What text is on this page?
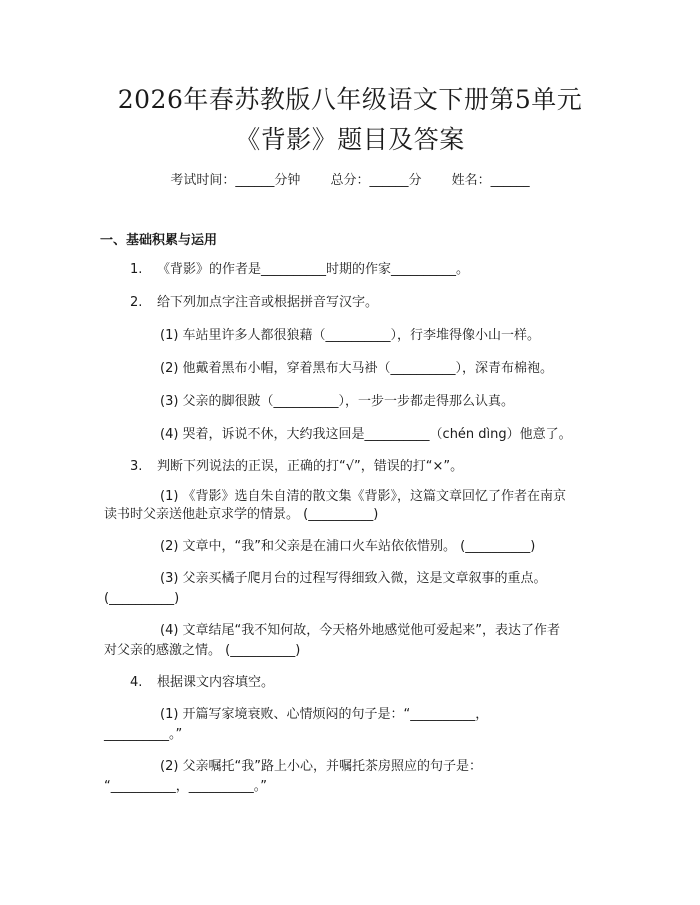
2026年春苏教版八年级语文下册第5单元
《背影》题目及答案
考试时间：______分钟 总分：______分 姓名：______
一、基础积累与运用
1. 《背影》的作者是__________时期的作家__________。
2. 给下列加点字注音或根据拼音写汉字。
(1) 车站里许多人都很狼藉（__________），行李堆得像小山一样。
(2) 他戴着黑布小帽，穿着黑布大马褂（__________），深青布棉袍。
(3) 父亲的脚很跛（__________），一步一步都走得那么认真。
(4) 哭着，诉说不休，大约我这回是__________（chén dìng）他意了。
3. 判断下列说法的正误，正确的打“√”，错误的打“×”。
(1) 《背影》选自朱自清的散文集《背影》，这篇文章回忆了作者在南京
读书时父亲送他赴京求学的情景。 (__________)
(2) 文章中，“我”和父亲是在浦口火车站依依惜别。 (__________)
(3) 父亲买橘子爬月台的过程写得细致入微，这是文章叙事的重点。
(__________)
(4) 文章结尾“我不知何故，今天格外地感觉他可爱起来”，表达了作者
对父亲的感激之情。 (__________)
4. 根据课文内容填空。
(1) 开篇写家境衰败、心情烦闷的句子是：“__________，
__________。”
(2) 父亲嘱托“我”路上小心，并嘱托茶房照应的句子是：
“__________，__________。”
